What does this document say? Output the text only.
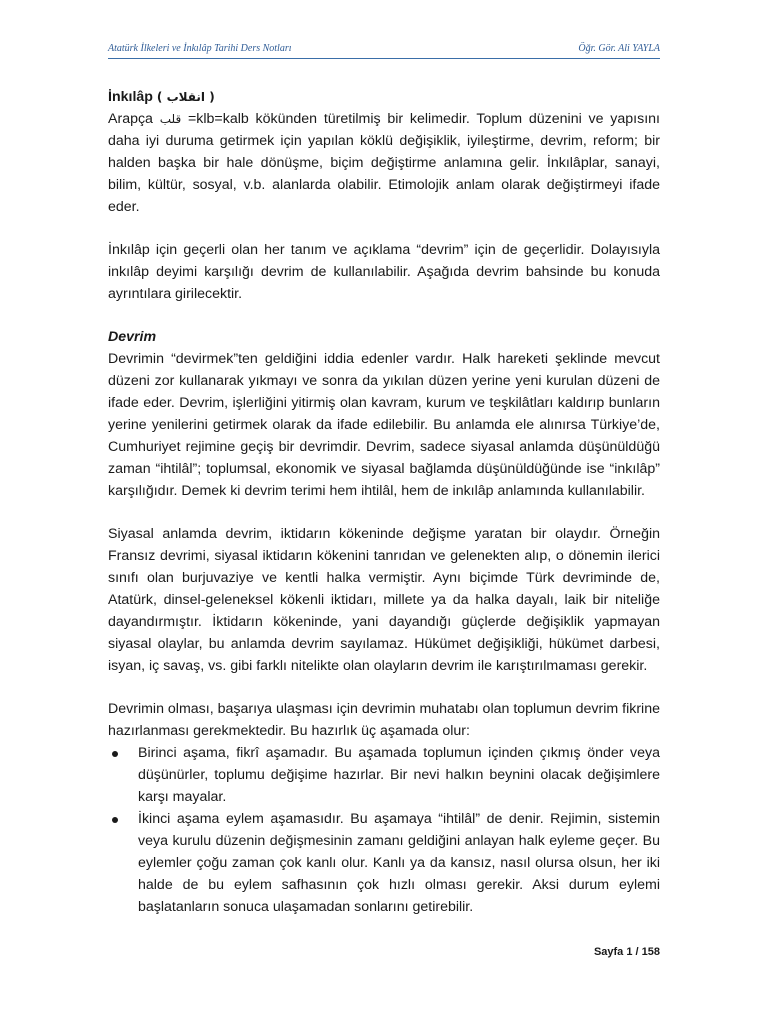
Atatürk İlkeleri ve İnkılâp Tarihi Ders Notları	Öğr. Gör. Ali YAYLA

İnkılâp ( انقلاب )

Arapça قلب =klb=kalb kökünden türetilmiş bir kelimedir. Toplum düzenini ve yapısını daha iyi duruma getirmek için yapılan köklü değişiklik, iyileştirme, devrim, reform; bir halden başka bir hale dönüşme, biçim değiştirme anlamına gelir. İnkılâplar, sanayi, bilim, kültür, sosyal, v.b. alanlarda olabilir. Etimolojik anlam olarak değiştirmeyi ifade eder.

İnkılâp için geçerli olan her tanım ve açıklama “devrim” için de geçerlidir. Dolayısıyla inkılâp deyimi karşılığı devrim de kullanılabilir. Aşağıda devrim bahsinde bu konuda ayrıntılara girilecektir.

Devrim

Devrimin “devirmek”ten geldiğini iddia edenler vardır. Halk hareketi şeklinde mevcut düzeni zor kullanarak yıkmayı ve sonra da yıkılan düzen yerine yeni kurulan düzeni de ifade eder. Devrim, işlerliğini yitirmiş olan kavram, kurum ve teşkilâtları kaldırıp bunların yerine yenilerini getirmek olarak da ifade edilebilir. Bu anlamda ele alınırsa Türkiye’de, Cumhuriyet rejimine geçiş bir devrimdir. Devrim, sadece siyasal anlamda düşünüldüğü zaman “ihtilâl”; toplumsal, ekonomik ve siyasal bağlamda düşünüldüğünde ise “inkılâp” karşılığıdır. Demek ki devrim terimi hem ihtilâl, hem de inkılâp anlamında kullanılabilir.

Siyasal anlamda devrim, iktidarın kökeninde değişme yaratan bir olaydır. Örneğin Fransız devrimi, siyasal iktidarın kökenini tanrıdan ve gelenekten alıp, o dönemin ilerici sınıfı olan burjuvaziye ve kentli halka vermiştir. Aynı biçimde Türk devriminde de, Atatürk, dinsel-geleneksel kökenli iktidarı, millete ya da halka dayalı, laik bir niteliğe dayandırmıştır. İktidarın kökeninde, yani dayandığı güçlerde değişiklik yapmayan siyasal olaylar, bu anlamda devrim sayılamaz. Hükümet değişikliği, hükümet darbesi, isyan, iç savaş, vs. gibi farklı nitelikte olan olayların devrim ile karıştırılmaması gerekir.

Devrimin olması, başarıya ulaşması için devrimin muhatabı olan toplumun devrim fikrine hazırlanması gerekmektedir. Bu hazırlık üç aşamada olur:

Birinci aşama, fikrî aşamadır. Bu aşamada toplumun içinden çıkmış önder veya düşünürler, toplumu değişime hazırlar. Bir nevi halkın beynini olacak değişimlere karşı mayalar.
İkinci aşama eylem aşamasıdır. Bu aşamaya “ihtilâl” de denir. Rejimin, sistemin veya kurulu düzenin değişmesinin zamanı geldiğini anlayan halk eyleme geçer. Bu eylemler çoğu zaman çok kanlı olur. Kanlı ya da kansız, nasıl olursa olsun, her iki halde de bu eylem safhasının çok hızlı olması gerekir. Aksi durum eylemi başlatanların sonuca ulaşamadan sonlarını getirebilir.
Sayfa 1 / 158
